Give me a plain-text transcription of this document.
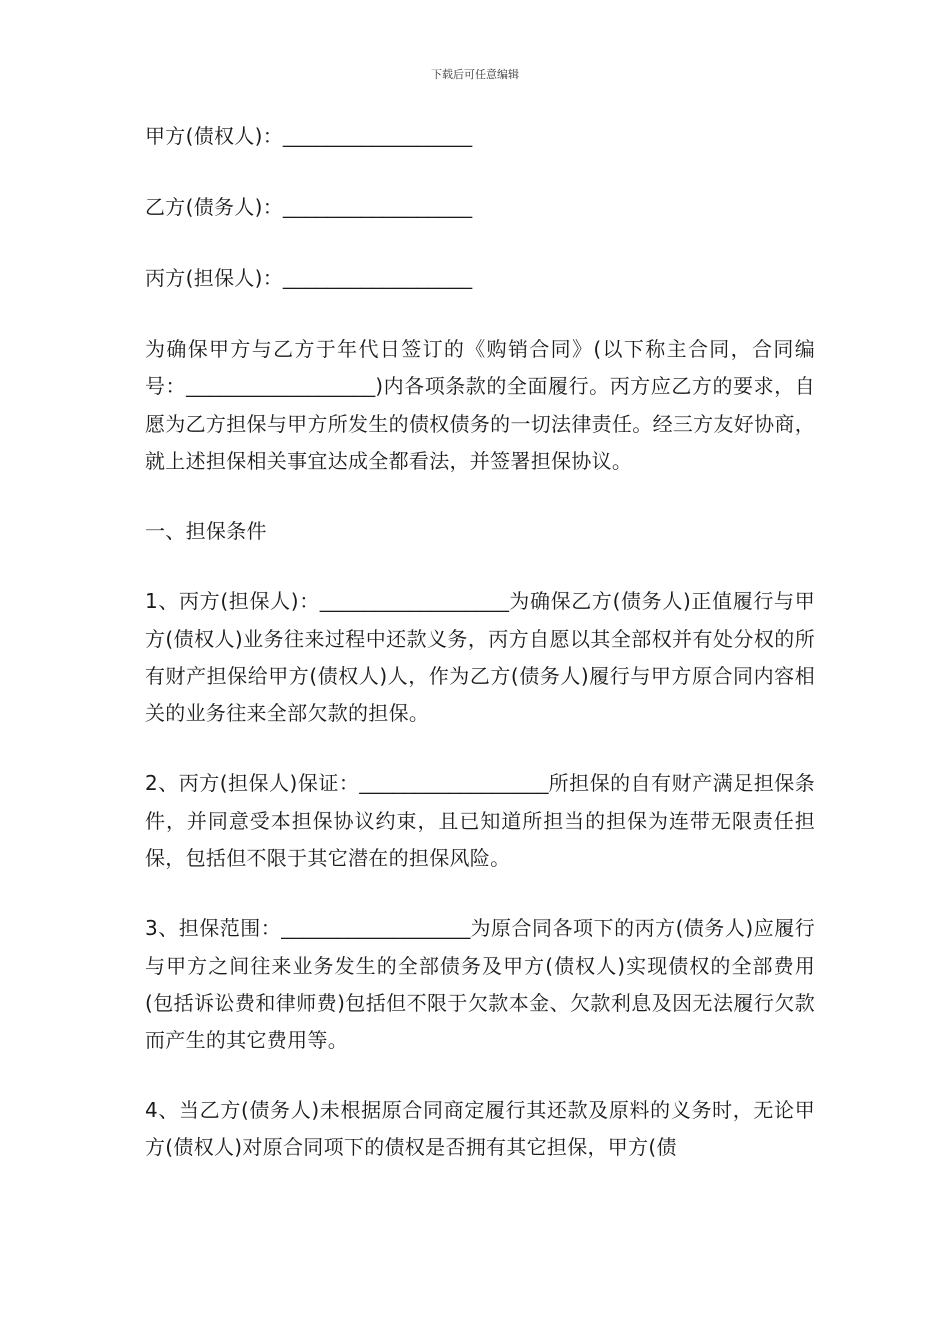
下载后可任意编辑

甲方(债权人)：_________________

乙方(债务人)：_________________

丙方(担保人)：_________________

为确保甲方与乙方于年代日签订的《购销合同》(以下称主合同，合同编号：_________________)内各项条款的全面履行。丙方应乙方的要求，自愿为乙方担保与甲方所发生的债权债务的一切法律责任。经三方友好协商，就上述担保相关事宜达成全都看法，并签署担保协议。

一、担保条件

1、丙方(担保人)：_________________为确保乙方(债务人)正值履行与甲方(债权人)业务往来过程中还款义务，丙方自愿以其全部权并有处分权的所有财产担保给甲方(债权人)人，作为乙方(债务人)履行与甲方原合同内容相关的业务往来全部欠款的担保。

2、丙方(担保人)保证：_________________所担保的自有财产满足担保条件，并同意受本担保协议约束，且已知道所担当的担保为连带无限责任担保，包括但不限于其它潜在的担保风险。

3、担保范围：_________________为原合同各项下的丙方(债务人)应履行与甲方之间往来业务发生的全部债务及甲方(债权人)实现债权的全部费用(包括诉讼费和律师费)包括但不限于欠款本金、欠款利息及因无法履行欠款而产生的其它费用等。

4、当乙方(债务人)未根据原合同商定履行其还款及原料的义务时，无论甲方(债权人)对原合同项下的债权是否拥有其它担保，甲方(债
